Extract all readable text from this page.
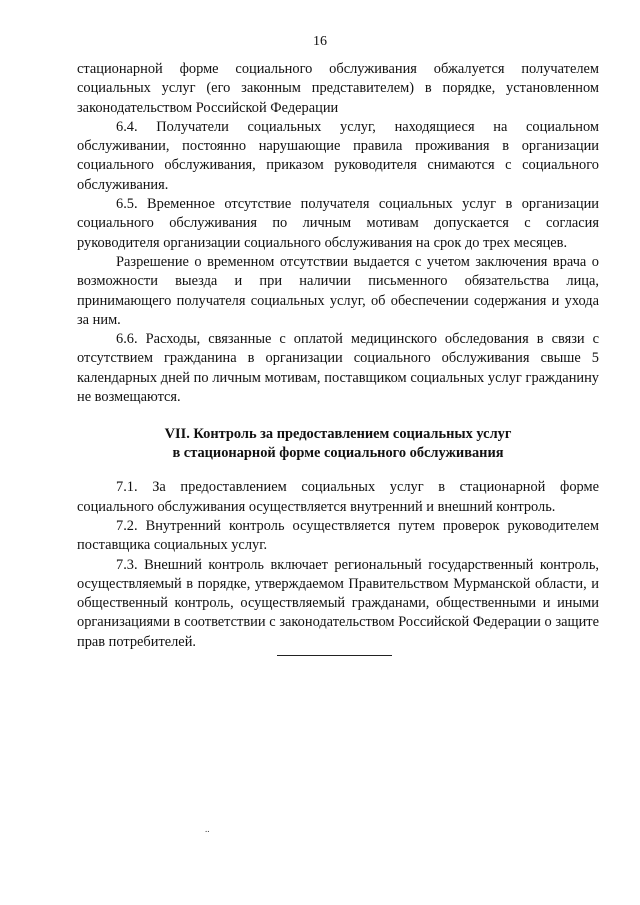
16

стационарной форме социального обслуживания обжалуется получателем социальных услуг (его законным представителем) в порядке, установленном законодательством Российской Федерации

6.4. Получатели социальных услуг, находящиеся на социальном обслуживании, постоянно нарушающие правила проживания в организации социального обслуживания, приказом руководителя снимаются с социального обслуживания.

6.5. Временное отсутствие получателя социальных услуг в организации социального обслуживания по личным мотивам допускается с согласия руководителя организации социального обслуживания на срок до трех месяцев.

Разрешение о временном отсутствии выдается с учетом заключения врача о возможности выезда и при наличии письменного обязательства лица, принимающего получателя социальных услуг, об обеспечении содержания и ухода за ним.

6.6. Расходы, связанные с оплатой медицинского обследования в связи с отсутствием гражданина в организации социального обслуживания свыше 5 календарных дней по личным мотивам, поставщиком социальных услуг гражданину не возмещаются.

VII. Контроль за предоставлением социальных услуг
в стационарной форме социального обслуживания

7.1. За предоставлением социальных услуг в стационарной форме социального обслуживания осуществляется внутренний и внешний контроль.

7.2. Внутренний контроль осуществляется путем проверок руководителем поставщика социальных услуг.

7.3. Внешний контроль включает региональный государственный контроль, осуществляемый в порядке, утверждаемом Правительством Мурманской области, и общественный контроль, осуществляемый гражданами, общественными и иными организациями в соответствии с законодательством Российской Федерации о защите прав потребителей.

..
